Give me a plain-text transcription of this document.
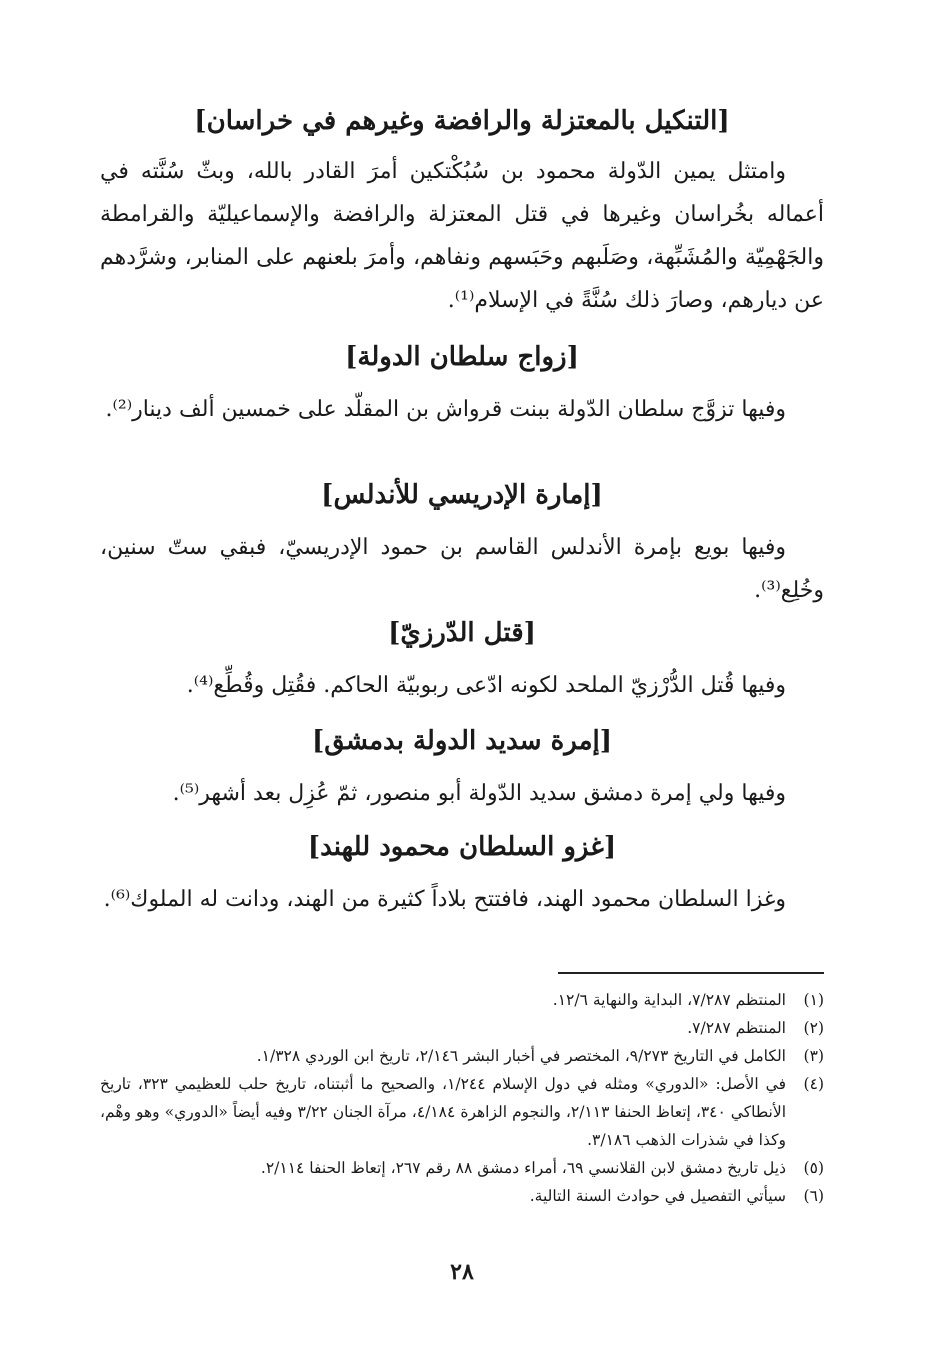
[التنكيل بالمعتزلة والرافضة وغيرهم في خراسان]

وامتثل يمين الدّولة محمود بن سُبُكْتكين أمرَ القادر بالله، وبثّ سُنَّته في أعماله بخُراسان وغيرها في قتل المعتزلة والرافضة والإسماعيليّة والقرامطة والجَهْمِيّة والمُشَبِّهة، وصَلَبهم وحَبَسهم ونفاهم، وأمرَ بلعنهم على المنابر، وشرَّدهم عن ديارهم، وصارَ ذلك سُنَّةً في الإسلام⁽¹⁾.

[زواج سلطان الدولة]

وفيها تزوَّج سلطان الدّولة ببنت قرواش بن المقلّد على خمسين ألف دينار⁽²⁾.

[إمارة الإدريسي للأندلس]

وفيها بويع بإمرة الأندلس القاسم بن حمود الإدريسيّ، فبقي ستّ سنين، وخُلِع⁽³⁾.

[قتل الدّرزيّ]

وفيها قُتل الدُّرْزيّ الملحد لكونه ادّعى ربوبيّة الحاكم. فقُتِل وقُطِّع⁽⁴⁾.

[إمرة سديد الدولة بدمشق]

وفيها ولي إمرة دمشق سديد الدّولة أبو منصور، ثمّ عُزِل بعد أشهر⁽⁵⁾.

[غزو السلطان محمود للهند]

وغزا السلطان محمود الهند، فافتتح بلاداً كثيرة من الهند، ودانت له الملوك⁽⁶⁾.

(١)
المنتظم ٧/٢٨٧، البداية والنهاية ١٢/٦.
(٢)
المنتظم ٧/٢٨٧.
(٣)
الكامل في التاريخ ٩/٢٧٣، المختصر في أخبار البشر ٢/١٤٦، تاريخ ابن الوردي ١/٣٢٨.
(٤)
في الأصل: «الدوري» ومثله في دول الإسلام ١/٢٤٤، والصحيح ما أثبتناه، تاريخ حلب للعظيمي ٣٢٣، تاريخ الأنطاكي ٣٤٠، إتعاظ الحنفا ٢/١١٣، والنجوم الزاهرة ٤/١٨٤، مرآة الجنان ٣/٢٢ وفيه أيضاً «الدوري» وهو وهْم، وكذا في شذرات الذهب ٣/١٨٦.
(٥)
ذيل تاريخ دمشق لابن القلانسي ٦٩، أمراء دمشق ٨٨ رقم ٢٦٧، إتعاظ الحنفا ٢/١١٤.
(٦)
سيأتي التفصيل في حوادث السنة التالية.
٢٨
